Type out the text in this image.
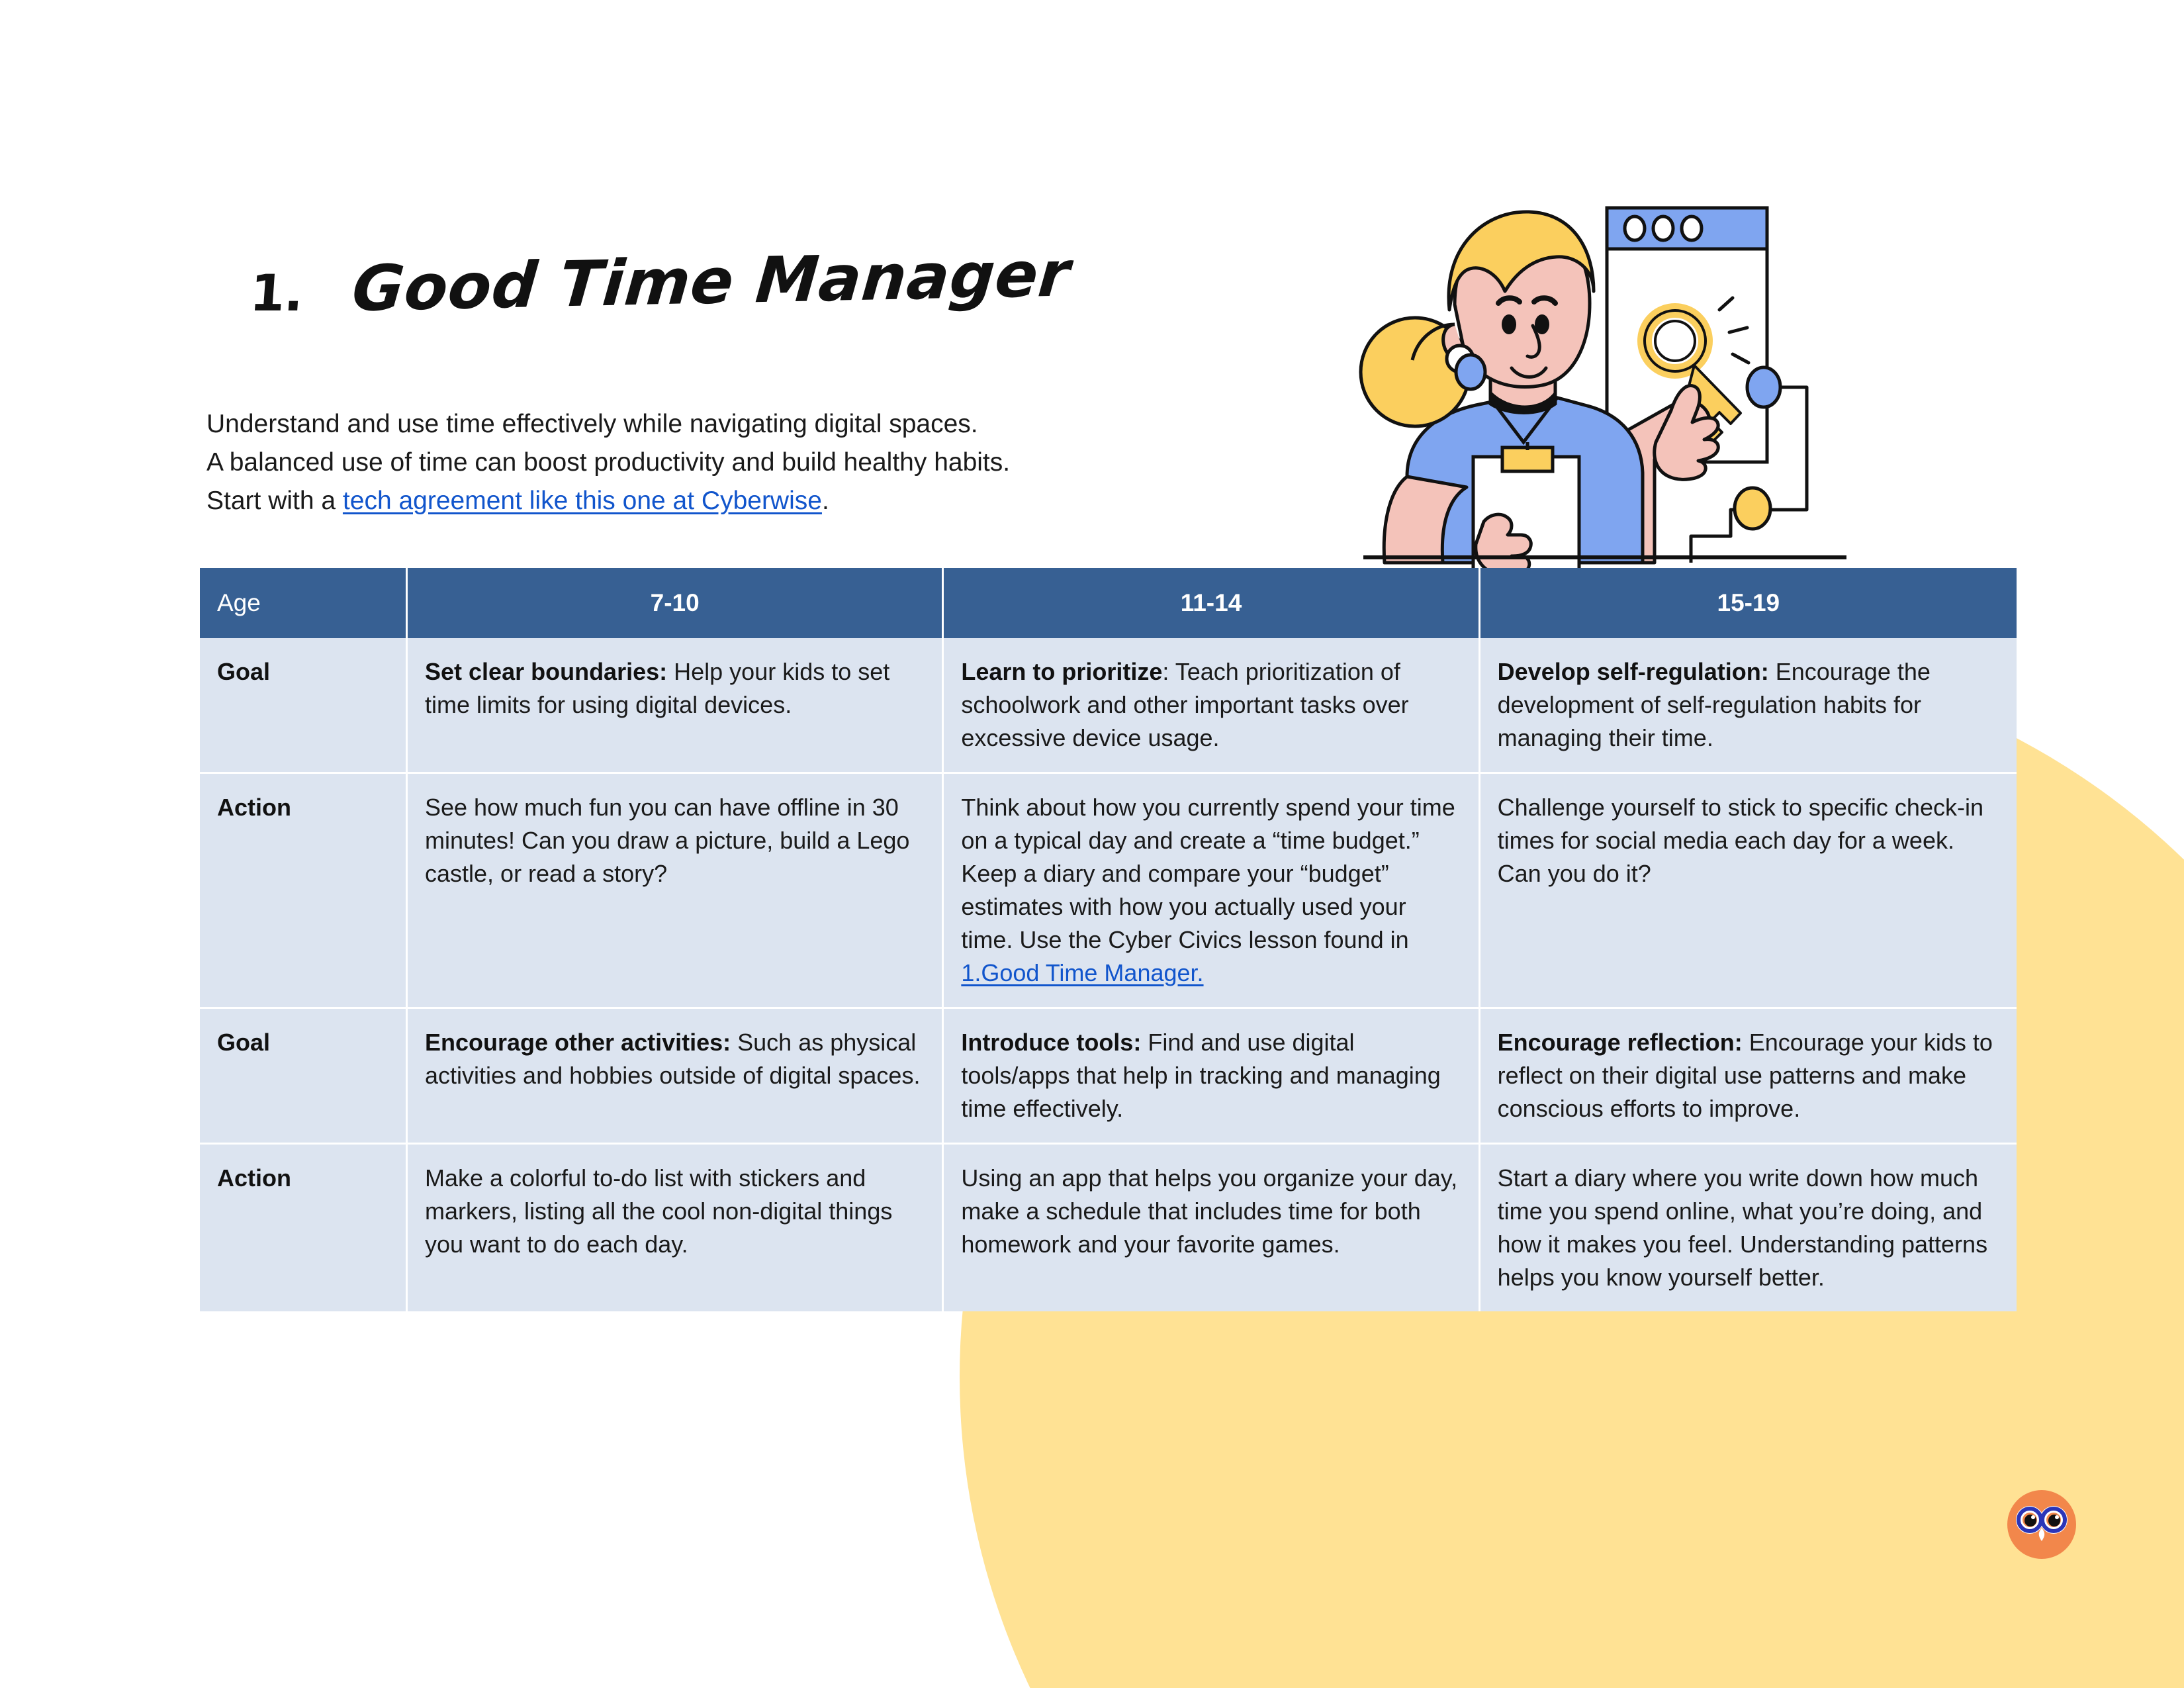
1. Good Time Manager
Understand and use time effectively while navigating digital spaces.
A balanced use of time can boost productivity and build healthy habits.
Start with a tech agreement like this one at Cyberwise.
Age	7-10	11-14	15-19
Goal	Set clear boundaries: Help your kids to set time limits for using digital devices.	Learn to prioritize: Teach prioritization of schoolwork and other important tasks over excessive device usage.	Develop self-regulation: Encourage the development of self-regulation habits for managing their time.
Action	See how much fun you can have offline in 30 minutes! Can you draw a picture, build a Lego castle, or read a story?	Think about how you currently spend your time on a typical day and create a “time budget.” Keep a diary and compare your “budget” estimates with how you actually used your time. Use the Cyber Civics lesson found in 1.Good Time Manager.	Challenge yourself to stick to specific check-in times for social media each day for a week. Can you do it?
Goal	Encourage other activities: Such as physical activities and hobbies outside of digital spaces.	Introduce tools: Find and use digital tools/apps that help in tracking and managing time effectively.	Encourage reflection: Encourage your kids to reflect on their digital use patterns and make conscious efforts to improve.
Action	Make a colorful to-do list with stickers and markers, listing all the cool non-digital things you want to do each day.	Using an app that helps you organize your day, make a schedule that includes time for both homework and your favorite games.	Start a diary where you write down how much time you spend online, what you’re doing, and how it makes you feel. Understanding patterns helps you know yourself better.
